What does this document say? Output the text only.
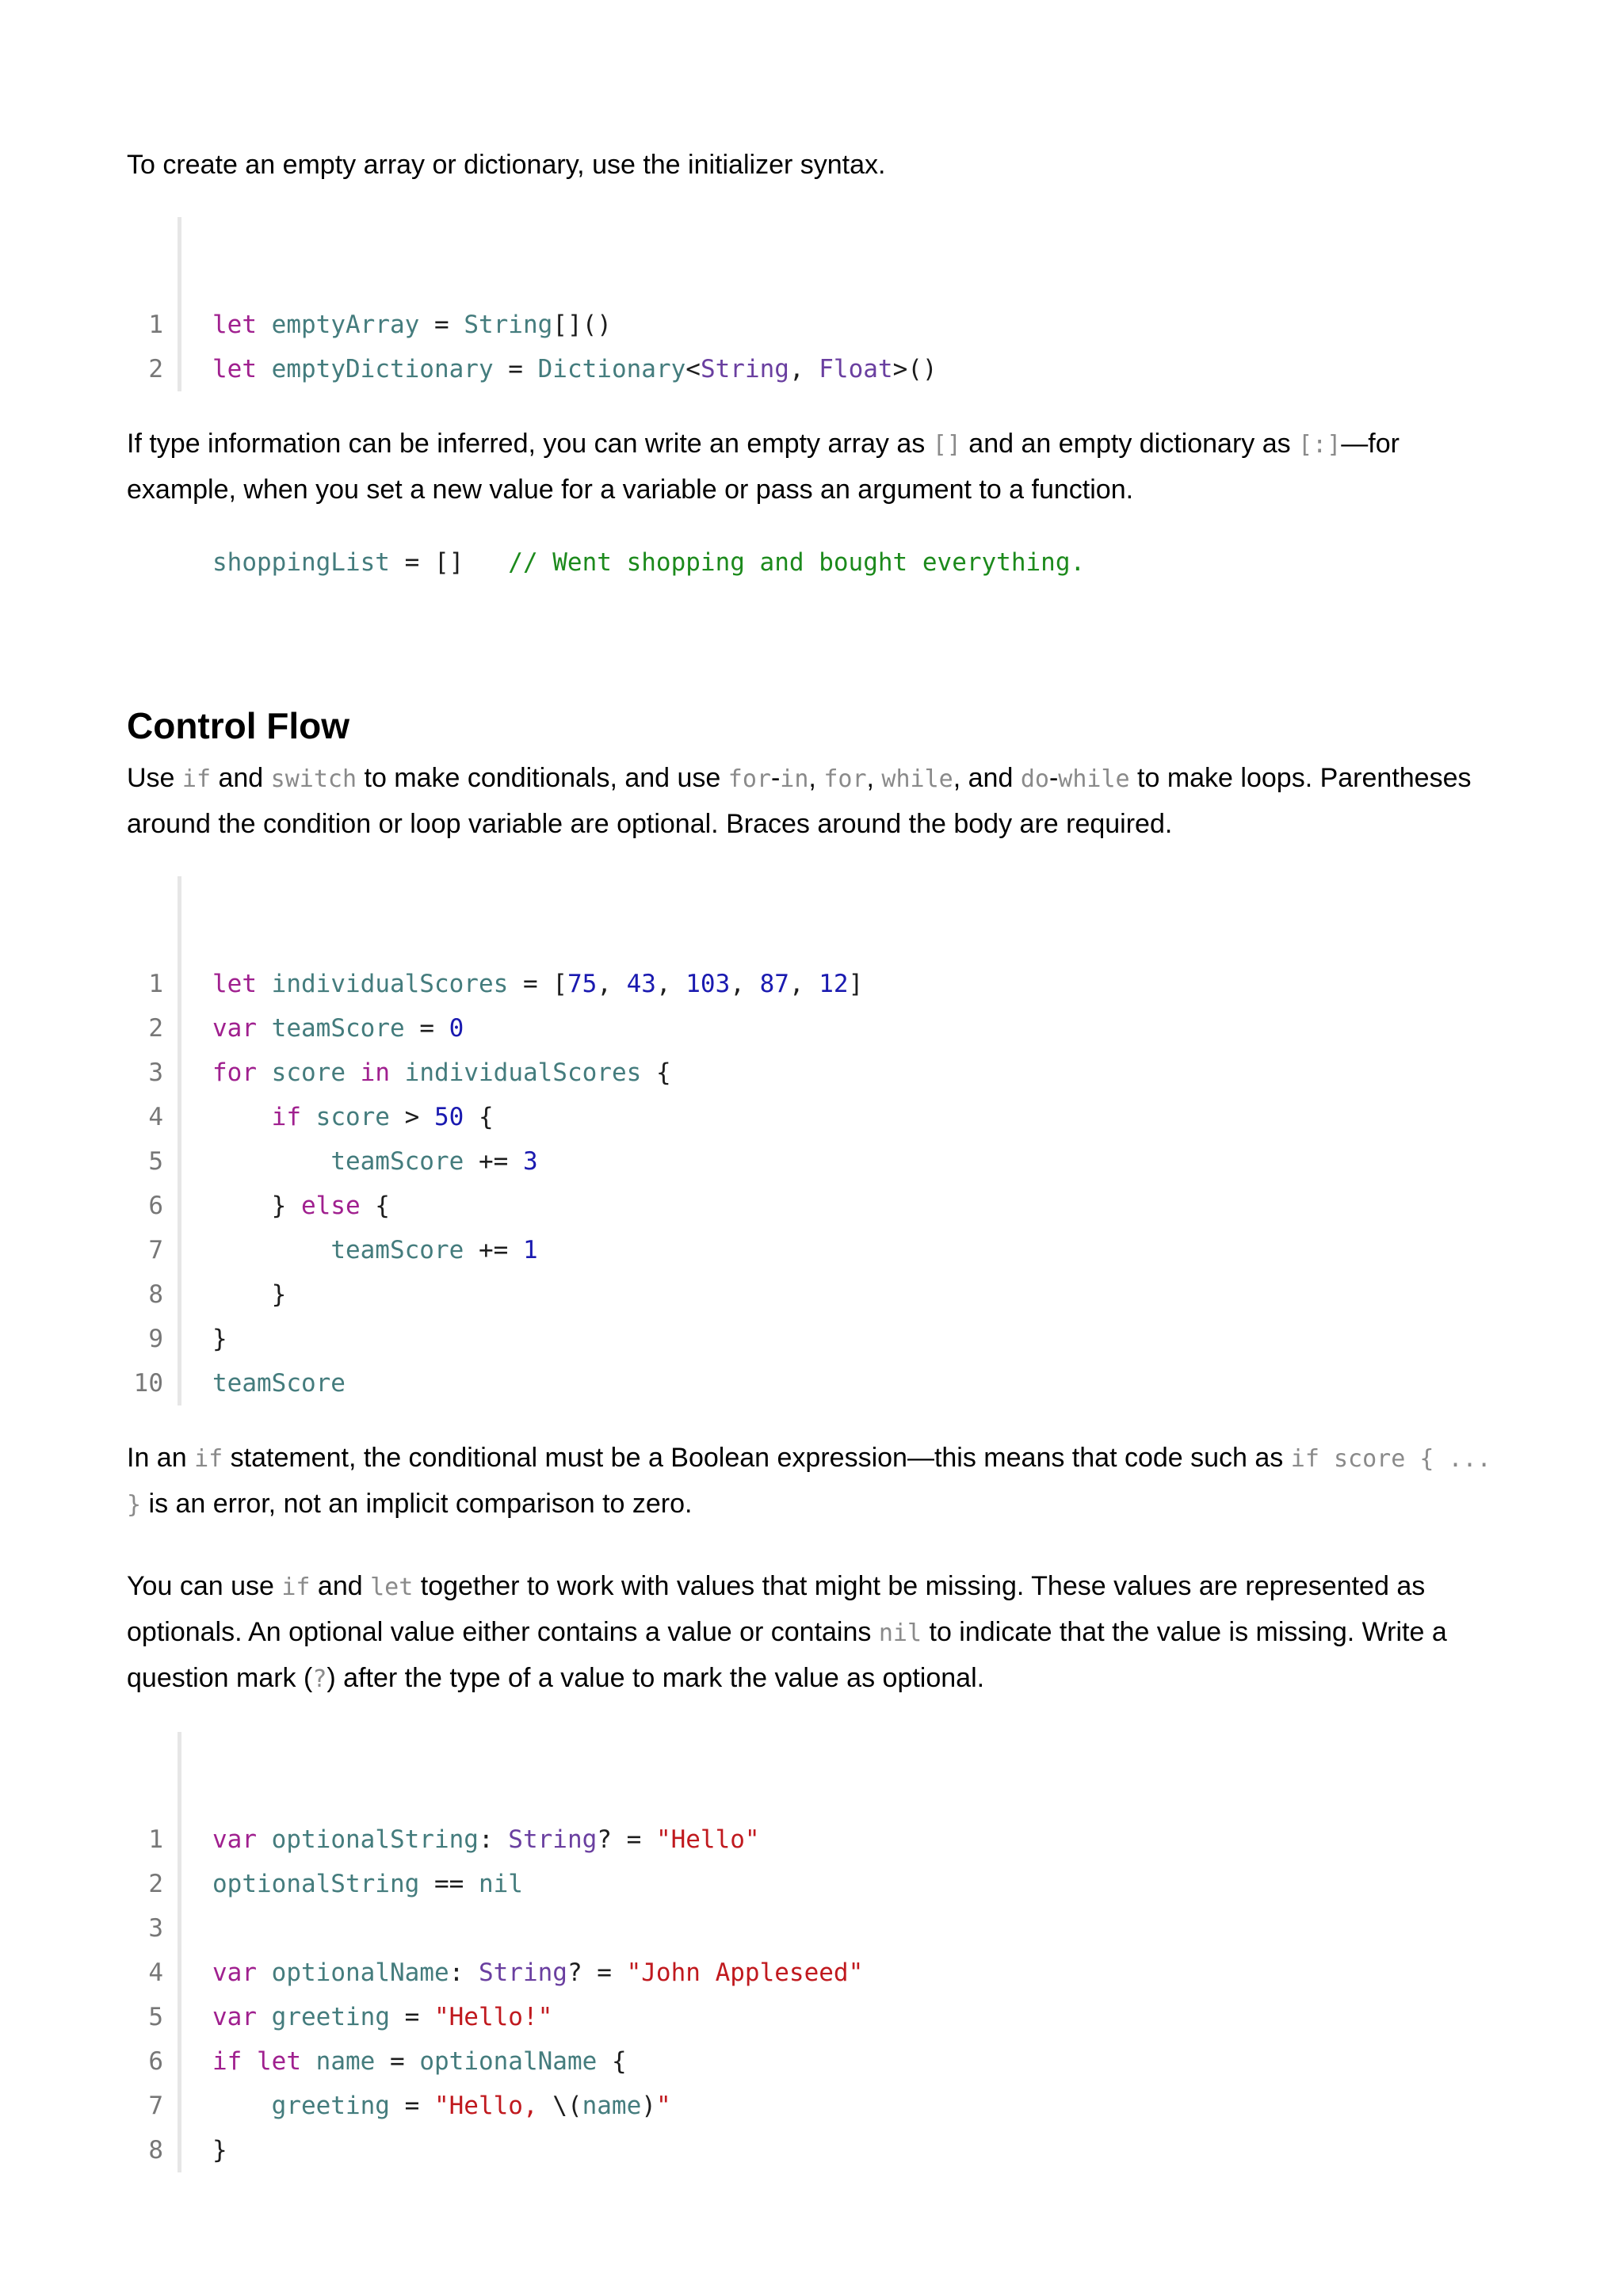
To create an empty array or dictionary, use the initializer syntax.

1	let emptyArray = String[]()
2	let emptyDictionary = Dictionary<String, Float>()

If type information can be inferred, you can write an empty array as [] and an empty dictionary as [:]—for example, when you set a new value for a variable or pass an argument to a function.

shoppingList = []   // Went shopping and bought everything.
Control Flow

Use if and switch to make conditionals, and use for-in, for, while, and do-while to make loops. Parentheses around the condition or loop variable are optional. Braces around the body are required.

1	let individualScores = [75, 43, 103, 87, 12]
2	var teamScore = 0
3	for score in individualScores {
4	if score > 50 {
5	teamScore += 3
6	} else {
7	teamScore += 1
8	}
9	}
10	teamScore

In an if statement, the conditional must be a Boolean expression—this means that code such as if score { ... } is an error, not an implicit comparison to zero.

You can use if and let together to work with values that might be missing. These values are represented as optionals. An optional value either contains a value or contains nil to indicate that the value is missing. Write a question mark (?) after the type of a value to mark the value as optional.

1	var optionalString: String? = "Hello"
2	optionalString == nil
3
4	var optionalName: String? = "John Appleseed"
5	var greeting = "Hello!"
6	if let name = optionalName {
7	greeting = "Hello, \(name)"
8	}
